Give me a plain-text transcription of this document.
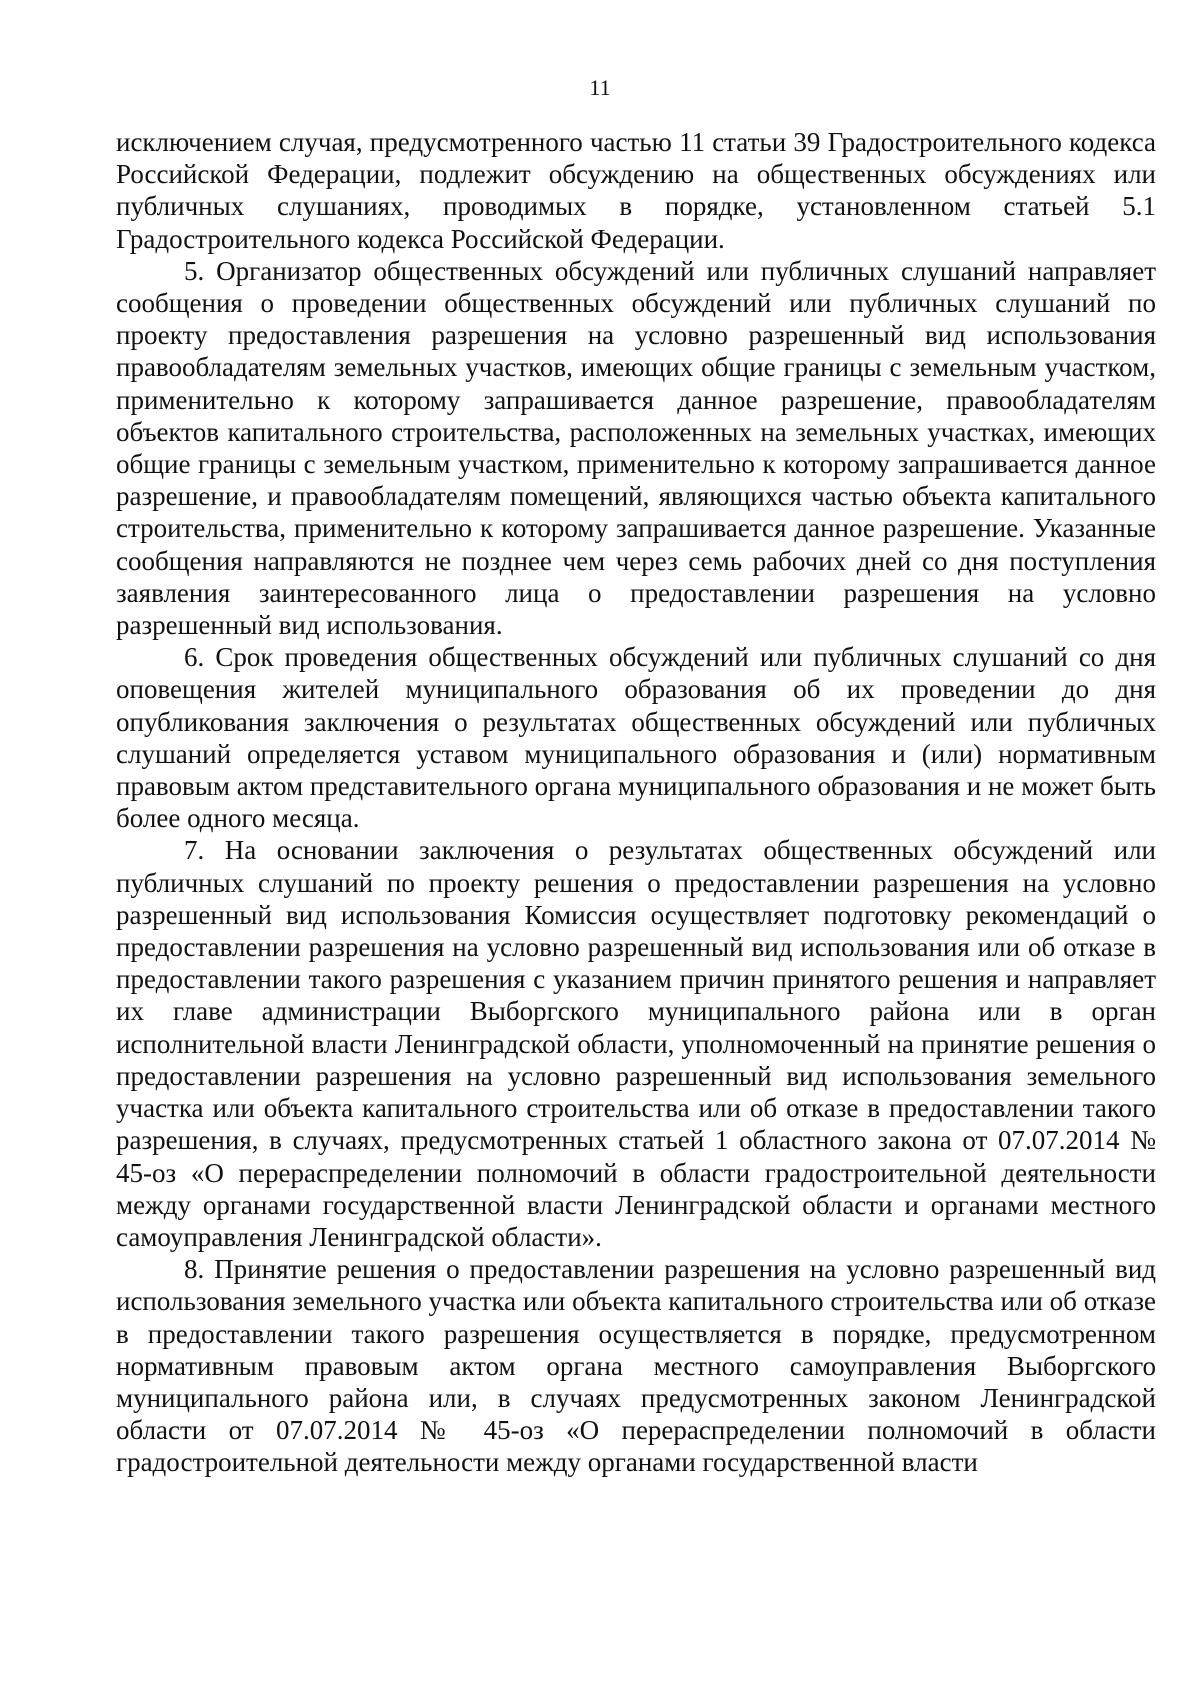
11

исключением случая, предусмотренного частью 11 статьи 39 Градостроительного кодекса Российской Федерации, подлежит обсуждению на общественных обсуждениях или публичных слушаниях, проводимых в порядке, установленном статьей 5.1 Градостроительного кодекса Российской Федерации.

5. Организатор общественных обсуждений или публичных слушаний направляет сообщения о проведении общественных обсуждений или публичных слушаний по проекту предоставления разрешения на условно разрешенный вид использования правообладателям земельных участков, имеющих общие границы с земельным участком, применительно к которому запрашивается данное разрешение, правообладателям объектов капитального строительства, расположенных на земельных участках, имеющих общие границы с земельным участком, применительно к которому запрашивается данное разрешение, и правообладателям помещений, являющихся частью объекта капитального строительства, применительно к которому запрашивается данное разрешение. Указанные сообщения направляются не позднее чем через семь рабочих дней со дня поступления заявления заинтересованного лица о предоставлении разрешения на условно разрешенный вид использования.

6. Срок проведения общественных обсуждений или публичных слушаний со дня оповещения жителей муниципального образования об их проведении до дня опубликования заключения о результатах общественных обсуждений или публичных слушаний определяется уставом муниципального образования и (или) нормативным правовым актом представительного органа муниципального образования и не может быть более одного месяца.

7. На основании заключения о результатах общественных обсуждений или публичных слушаний по проекту решения о предоставлении разрешения на условно разрешенный вид использования Комиссия осуществляет подготовку рекомендаций о предоставлении разрешения на условно разрешенный вид использования или об отказе в предоставлении такого разрешения с указанием причин принятого решения и направляет их главе администрации Выборгского муниципального района или в орган исполнительной власти Ленинградской области, уполномоченный на принятие решения о предоставлении разрешения на условно разрешенный вид использования земельного участка или объекта капитального строительства или об отказе в предоставлении такого разрешения, в случаях, предусмотренных статьей 1 областного закона от 07.07.2014 № 45-оз «О перераспределении полномочий в области градостроительной деятельности между органами государственной власти Ленинградской области и органами местного самоуправления Ленинградской области».

8. Принятие решения о предоставлении разрешения на условно разрешенный вид использования земельного участка или объекта капитального строительства или об отказе в предоставлении такого разрешения осуществляется в порядке, предусмотренном нормативным правовым актом органа местного самоуправления Выборгского муниципального района или, в случаях предусмотренных законом Ленинградской области от 07.07.2014 № 45-оз «О перераспределении полномочий в области градостроительной деятельности между органами государственной власти
